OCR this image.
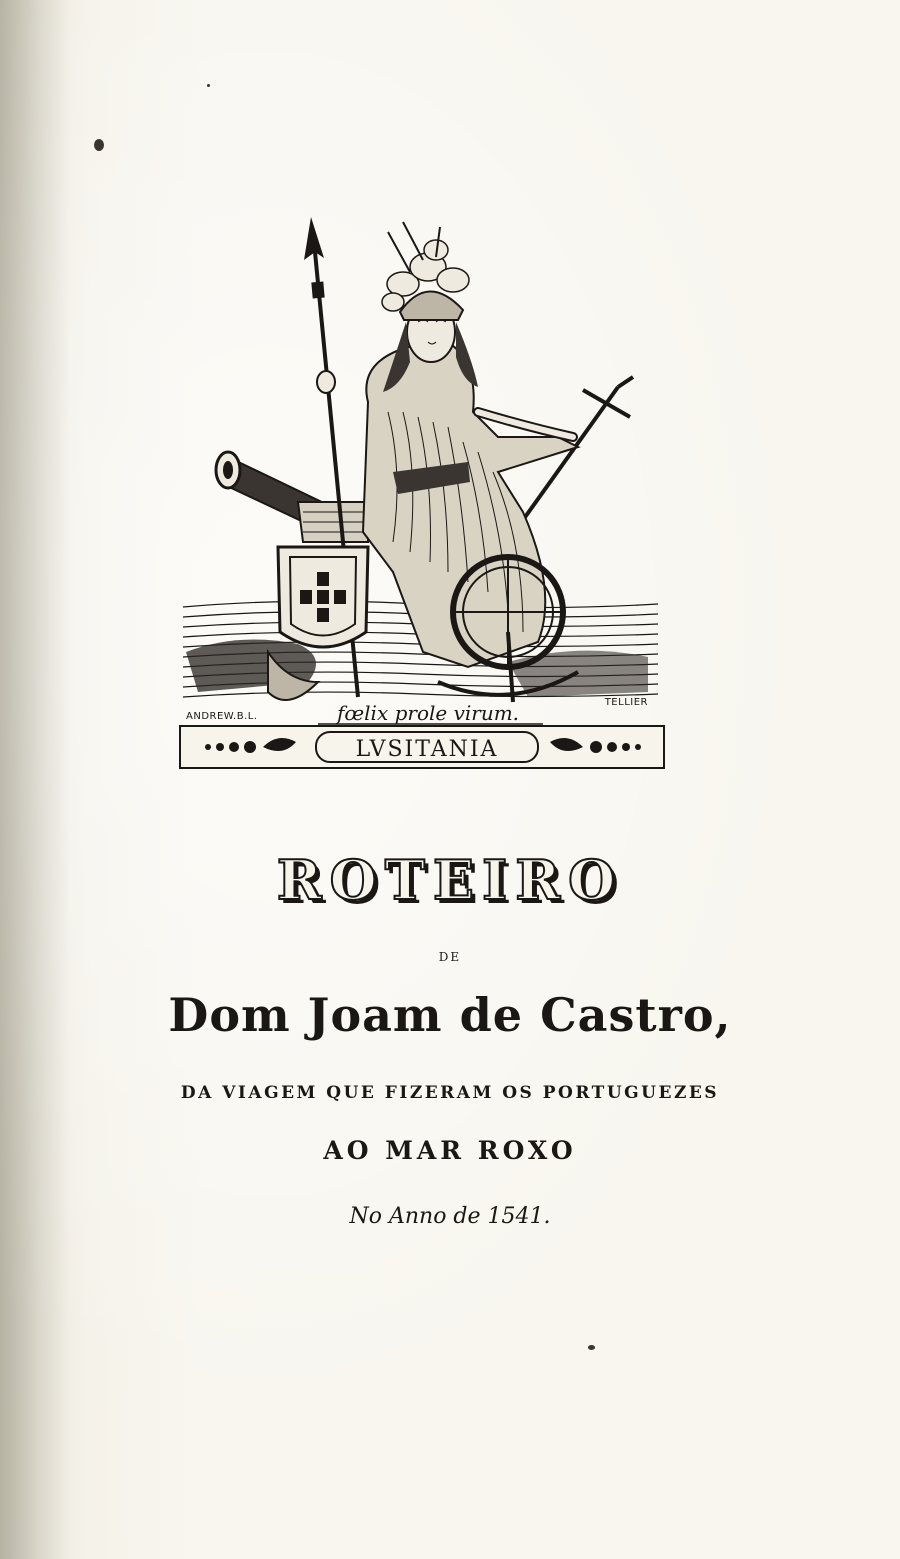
ANDREW.B.L.
TELLIER
fœlix prole virum.
LVSITANIA
ROTEIRO
DE
Dom Joam de Castro,
DA VIAGEM QUE FIZERAM OS PORTUGUEZES
AO MAR ROXO
No Anno de 1541.
